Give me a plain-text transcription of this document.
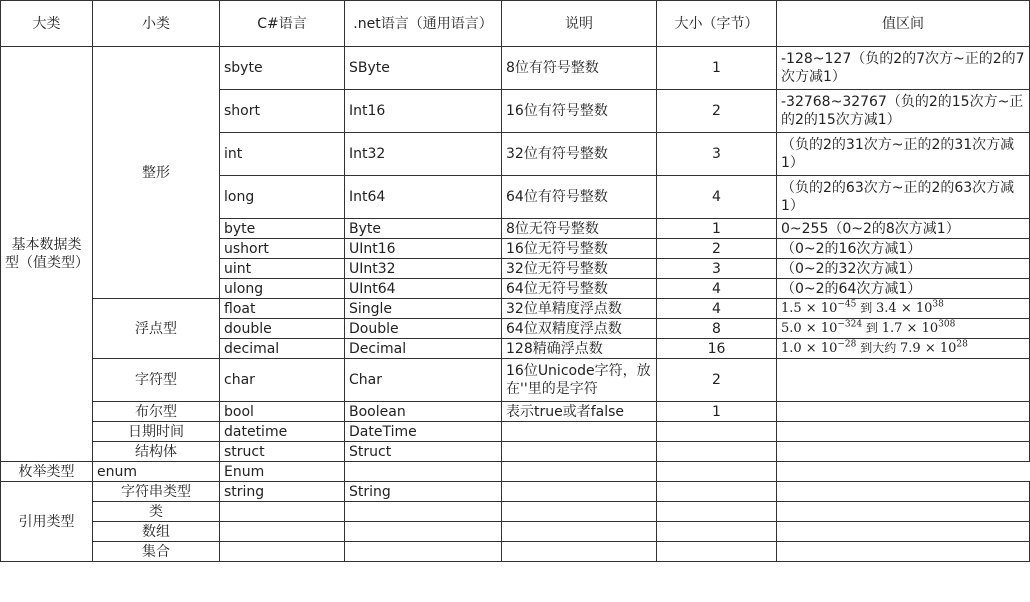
大类	小类	C#语言	.net语言（通用语言）	说明	大小（字节）	值区间
基本数据类型（值类型）	整形	sbyte	SByte	8位有符号整数	1	-128~127（负的2的7次方~正的2的7次方减1）
		short	Int16	16位有符号整数	2	-32768~32767（负的2的15次方~正的2的15次方减1）
		int	Int32	32位有符号整数	3	（负的2的31次方~正的2的31次方减1）
		long	Int64	64位有符号整数	4	（负的2的63次方~正的2的63次方减1）
		byte	Byte	8位无符号整数	1	0~255（0~2的8次方减1）
		ushort	UInt16	16位无符号整数	2	（0~2的16次方减1）
		uint	UInt32	32位无符号整数	3	（0~2的32次方减1）
		ulong	UInt64	64位无符号整数	4	（0~2的64次方减1）
	浮点型	float	Single	32位单精度浮点数	4	$1.5 \times 10^{-45}$ 到 $3.4 \times 10^{38}$
		double	Double	64位双精度浮点数	8	$5.0 \times 10^{-324}$ 到 $1.7 \times 10^{308}$
		decimal	Decimal	128精确浮点数	16	$1.0 \times 10^{-28}$ 到大约 $7.9 \times 10^{28}$
	字符型	char	Char	16位Unicode字符，放在''里的是字符	2	
	布尔型	bool	Boolean	表示true或者false	1	
	日期时间	datetime	DateTime			
	结构体	struct	Struct			
枚举类型	enum	Enum				
引用类型	字符串类型	string	String			
	类					
	数组					
	集合					
